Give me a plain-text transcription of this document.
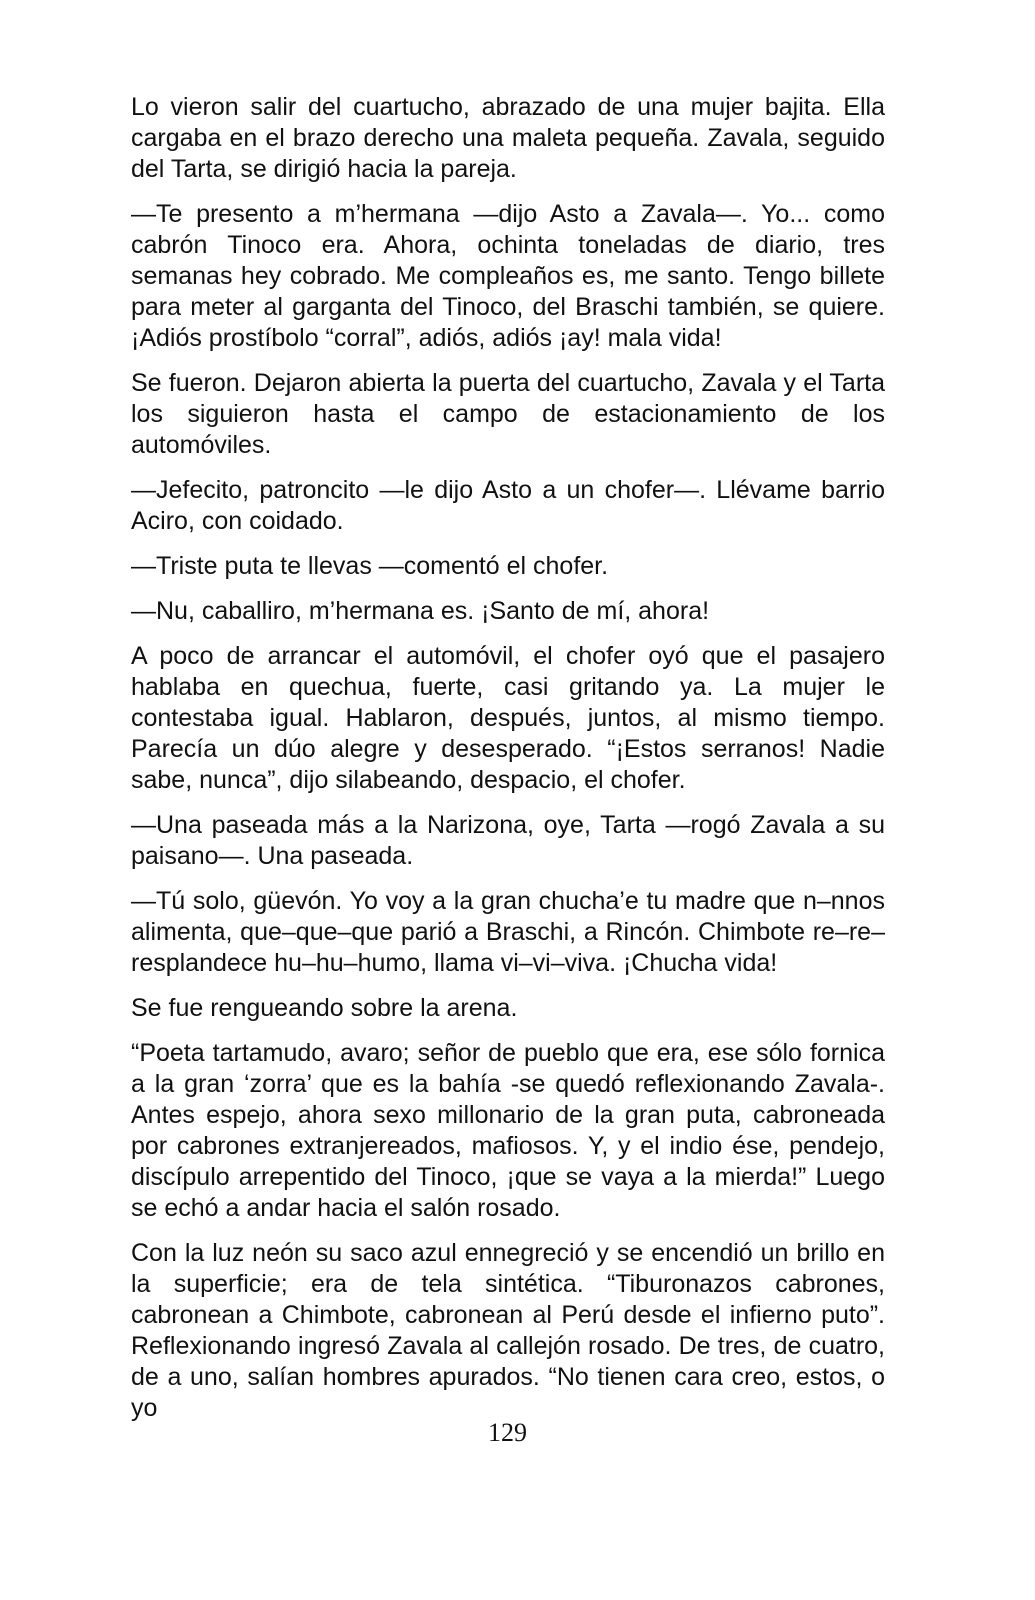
Lo vieron salir del cuartucho, abrazado de una mujer bajita. Ella cargaba en el brazo derecho una maleta pequeña. Zavala, seguido del Tarta, se dirigió hacia la pareja.

—Te presento a m’hermana —dijo Asto a Zavala—. Yo... como cabrón Tinoco era. Ahora, ochinta toneladas de diario, tres semanas hey cobrado. Me compleaños es, me santo. Tengo billete para meter al garganta del Tinoco, del Braschi también, se quiere. ¡Adiós prostíbolo “corral”, adiós, adiós ¡ay! mala vida!

Se fueron. Dejaron abierta la puerta del cuartucho, Zavala y el Tarta los siguieron hasta el campo de estacionamiento de los automóviles.

—Jefecito, patroncito —le dijo Asto a un chofer—. Llévame barrio Aciro, con coidado.

—Triste puta te llevas —comentó el chofer.

—Nu, caballiro, m’hermana es. ¡Santo de mí, ahora!

A poco de arrancar el automóvil, el chofer oyó que el pasajero hablaba en quechua, fuerte, casi gritando ya. La mujer le contestaba igual. Hablaron, después, juntos, al mismo tiempo. Parecía un dúo alegre y desesperado. “¡Estos serranos! Nadie sabe, nunca”, dijo silabeando, despacio, el chofer.

—Una paseada más a la Narizona, oye, Tarta —rogó Zavala a su paisano—. Una paseada.

—Tú solo, güevón. Yo voy a la gran chucha’e tu madre que n–nnos alimenta, que–que–que parió a Braschi, a Rincón. Chimbote re–re–resplandece hu–hu–humo, llama vi–vi–viva. ¡Chucha vida!

Se fue rengueando sobre la arena.

“Poeta tartamudo, avaro; señor de pueblo que era, ese sólo fornica a la gran ‘zorra’ que es la bahía -se quedó reflexionando Zavala-. Antes espejo, ahora sexo millonario de la gran puta, cabroneada por cabrones extranjereados, mafiosos. Y, y el indio ése, pendejo, discípulo arrepentido del Tinoco, ¡que se vaya a la mierda!” Luego se echó a andar hacia el salón rosado.

Con la luz neón su saco azul ennegreció y se encendió un brillo en la superficie; era de tela sintética. “Tiburonazos cabrones, cabronean a Chimbote, cabronean al Perú desde el infierno puto”. Reflexionando ingresó Zavala al callejón rosado. De tres, de cuatro, de a uno, salían hombres apurados. “No tienen cara creo, estos, o yo

129
